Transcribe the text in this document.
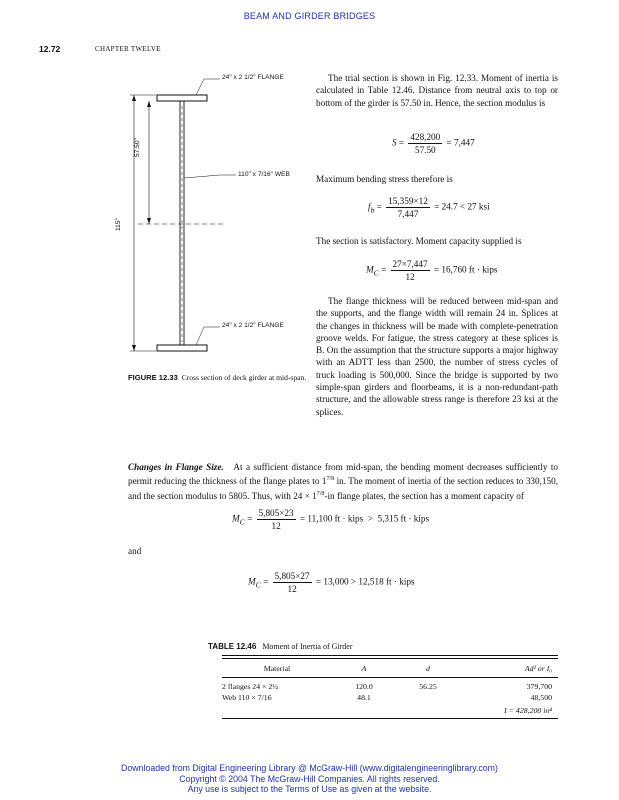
BEAM AND GIRDER BRIDGES
12.72	CHAPTER TWELVE
24" x 2 1/2" FLANGE
110" x 7/16" WEB
24" x 2 1/2" FLANGE
57.50"
115"
FIGURE 12.33 Cross section of deck girder at mid-span.

The trial section is shown in Fig. 12.33. Moment of inertia is calculated in Table 12.46. Distance from neutral axis to top or bottom of the girder is 57.50 in. Hence, the section modulus is

$S = \frac{428,200}{57.50} = 7,447$

Maximum bending stress therefore is

$f_b = \frac{15,359\times 12}{7,447} = 24.7 < 27$ ksi

The section is satisfactory. Moment capacity supplied is

$M_C = \frac{27\times 7,447}{12} = 16,760$ ft · kips

The flange thickness will be reduced between mid-span and the supports, and the flange width will remain 24 in. Splices at the changes in thickness will be made with complete-penetration groove welds. For fatigue, the stress category at these splices is B. On the assumption that the structure supports a major highway with an ADTT less than 2500, the number of stress cycles of truck loading is 500,000. Since the bridge is supported by two simple-span girders and floorbeams, it is a non-redundant-path structure, and the allowable stress range is therefore 23 ksi at the splices.

Changes in Flange Size. At a sufficient distance from mid-span, the bending moment decreases sufficiently to permit reducing the thickness of the flange plates to $1^{7/8}$ in. The moment of inertia of the section reduces to 330,150, and the section modulus to 5805. Thus, with $24 \times 1^{7/8}-in$ flange plates, the section has a moment capacity of

$M_C = \frac{5,805\times 23}{12} = 11,100$ ft · kips  >  5,315 ft · kips
and
$M_C = \frac{5,805\times 27}{12} = 13,000 > 12,518$ ft · kips
TABLE 12.46 Moment of Inertia of Girder
Material	A	d	Ad² or I₀

2 flanges 24 × 2½	120.0	56.25	379,700
Web 110 × 7/16	48.1		48,500
			I = 428,200 in⁴
Downloaded from Digital Engineering Library @ McGraw-Hill (www.digitalengineeringlibrary.com)
Copyright © 2004 The McGraw-Hill Companies. All rights reserved.
Any use is subject to the Terms of Use as given at the website.
